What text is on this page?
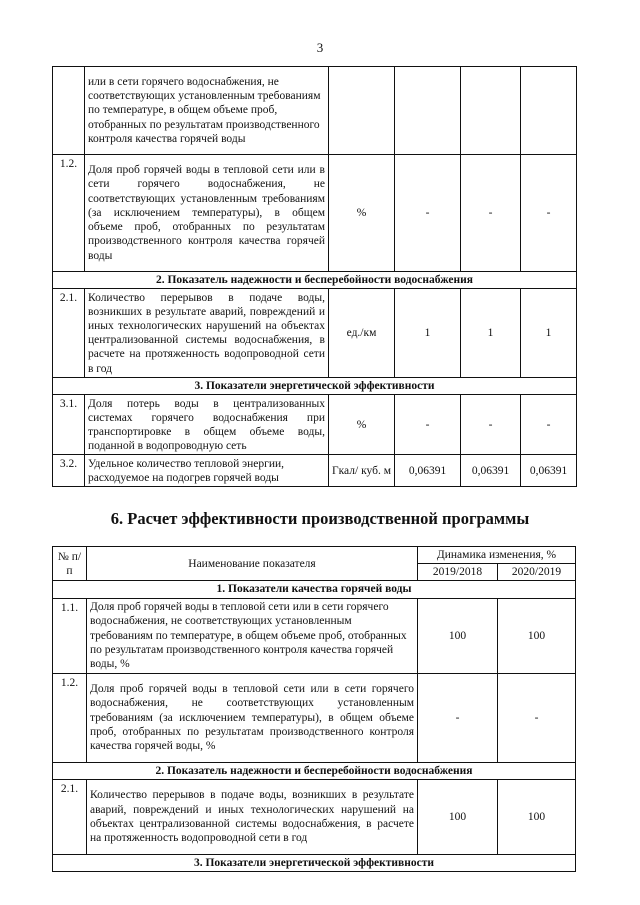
3
	или в сети горячего водоснабжения, не соответствующих установленным требованиям по температуре, в общем объеме проб, отобранных по результатам производственного контроля качества горячей воды				
1.2.	Доля проб горячей воды в тепловой сети или в сети горячего водоснабжения, не соответствующих установленным требованиям (за исключением температуры), в общем объеме проб, отобранных по результатам производственного контроля качества горячей воды	%	-	-	-
2. Показатель надежности и бесперебойности водоснабжения					
2.1.	Количество перерывов в подаче воды, возникших в результате аварий, повреждений и иных технологических нарушений на объектах централизованной системы водоснабжения, в расчете на протяженность водопроводной сети в год	ед./км	1	1	1
3. Показатели энергетической эффективности					
3.1.	Доля потерь воды в централизованных системах горячего водоснабжения при транспортировке в общем объеме воды, поданной в водопроводную сеть	%	-	-	-
3.2.	Удельное количество тепловой энергии, расходуемое на подогрев горячей воды	Гкал/ куб. м	0,06391	0,06391	0,06391
6. Расчет эффективности производственной программы
№ п/п	Наименование показателя	Динамика изменения, %	
		2019/2018	2020/2019
1. Показатели качества горячей воды			
1.1.	Доля проб горячей воды в тепловой сети или в сети горячего водоснабжения, не соответствующих установленным требованиям по температуре, в общем объеме проб, отобранных по результатам производственного контроля качества горячей воды, %	100	100
1.2.	Доля проб горячей воды в тепловой сети или в сети горячего водоснабжения, не соответствующих установленным требованиям (за исключением температуры), в общем объеме проб, отобранных по результатам производственного контроля качества горячей воды, %	-	-
2. Показатель надежности и бесперебойности водоснабжения			
2.1.	Количество перерывов в подаче воды, возникших в результате аварий, повреждений и иных технологических нарушений на объектах централизованной системы водоснабжения, в расчете на протяженность водопроводной сети в год	100	100
3. Показатели энергетической эффективности			
